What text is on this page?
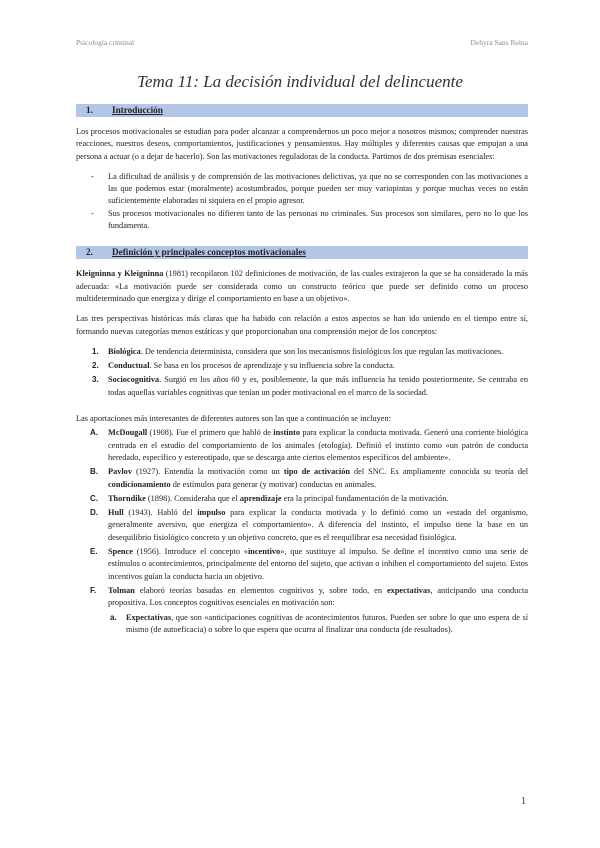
Psicología criminal	Dehyra Sans Reina
Tema 11: La decisión individual del delincuente
1.	Introducción

Los procesos motivacionales se estudian para poder alcanzar a comprendernos un poco mejor a nosotros mismos; comprender nuestras reacciones, nuestros deseos, comportamientos, justificaciones y pensamientos. Hay múltiples y diferentes causas que empujan a una persona a actuar (o a dejar de hacerlo). Son las motivaciones reguladoras de la conducta. Partimos de dos premisas esenciales:

- La dificultad de análisis y de comprensión de las motivaciones delictivas, ya que no se corresponden con las motivaciones a las que podemos estar (moralmente) acostumbrados, porque pueden ser muy variopintas y porque muchas veces no están suficientemente elaboradas ni siquiera en el propio agresor.
- Sus procesos motivacionales no difieren tanto de las personas no criminales. Sus procesos son similares, pero no lo que los fundamenta.
2.	Definición y principales conceptos motivacionales

Kleigninna y Kleigninna (1981) recopilaron 102 definiciones de motivación, de las cuales extrajeron la que se ha considerado la más adecuada: «La motivación puede ser considerada como un constructo teórico que puede ser definido como un proceso multideterminado que energiza y dirige el comportamiento en base a un objetivo».

Las tres perspectivas históricas más claras que ha habido con relación a estos aspectos se han ido uniendo en el tiempo entre sí, formando nuevas categorías menos estáticas y que proporcionaban una comprensión mejor de los conceptos:

1. Biológica. De tendencia determinista, considera que son los mecanismos fisiológicos los que regulan las motivaciones.
2. Conductual. Se basa en los procesos de aprendizaje y su influencia sobre la conducta.
3. Sociocognitiva. Surgió en los años 60 y es, posiblemente, la que más influencia ha tenido posteriormente. Se centraba en todas aquellas variables cognitivas que tenían un poder motivacional en el marco de la sociedad.

Las aportaciones más interesantes de diferentes autores son las que a continuación se incluyen:

A. McDougall (1908). Fue el primero que habló de instinto para explicar la conducta motivada. Generó una corriente biológica centrada en el estudio del comportamiento de los animales (etología). Definió el instinto como «un patrón de conducta heredado, específico y estereotipado, que se descarga ante ciertos elementos específicos del ambiente».
B. Pavlov (1927). Entendía la motivación como un tipo de activación del SNC. Es ampliamente conocida su teoría del condicionamiento de estímulos para generar (y motivar) conductas en animales.
C. Thorndike (1898). Consideraba que el aprendizaje era la principal fundamentación de la motivación.
D. Hull (1943). Habló del impulso para explicar la conducta motivada y lo definió como un «estado del organismo, generalmente aversivo, que energiza el comportamiento». A diferencia del instinto, el impulso tiene la base en un desequilibrio fisiológico concreto y un objetivo concreto, que es el reequilibrar esa necesidad fisiológica.
E. Spence (1956). Introduce el concepto «incentivo», que sustituye al impulso. Se define el incentivo como una serie de estímulos o acontecimientos, principalmente del entorno del sujeto, que activan o inhiben el comportamiento del sujeto. Estos incentivos guían la conducta hacia un objetivo.
F. Tolman elaboró teorías basadas en elementos cognitivos y, sobre todo, en expectativas, anticipando una conducta propositiva. Los conceptos cognitivos esenciales en motivación son:
a. Expectativas, que son «anticipaciones cognitivas de acontecimientos futuros. Pueden ser sobre lo que uno espera de sí mismo (de autoeficacia) o sobre lo que espera que ocurra al finalizar una conducta (de resultados).
1
